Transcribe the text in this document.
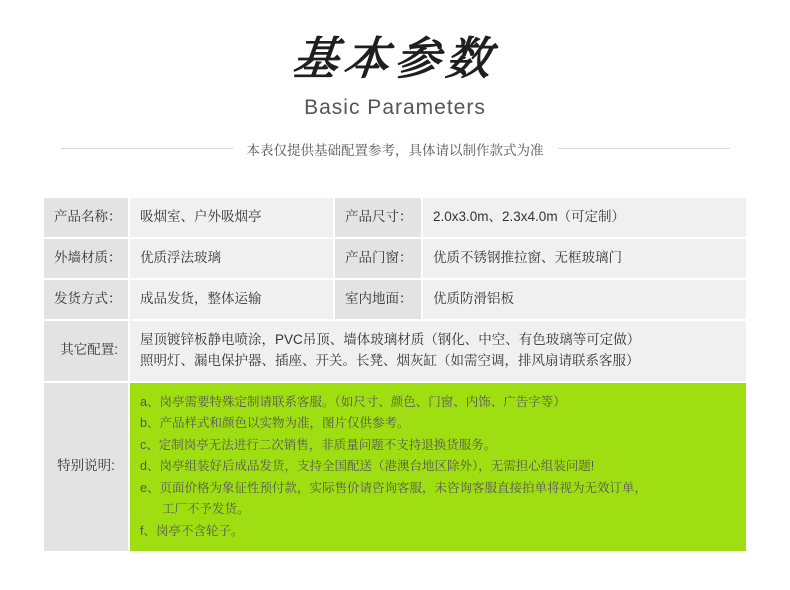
基本参数
Basic Parameters
本表仅提供基础配置参考，具体请以制作款式为准
产品名称：	吸烟室、户外吸烟亭	产品尺寸：	2.0x3.0m、2.3x4.0m（可定制）
外墙材质：	优质浮法玻璃	产品门窗：	优质不锈钢推拉窗、无框玻璃门
发货方式：	成品发货，整体运输	室内地面：	优质防滑铝板
其它配置:	屋顶镀锌板静电喷涂，PVC吊顶、墙体玻璃材质（钢化、中空、有色玻璃等可定做）
照明灯、漏电保护器、插座、开关。长凳、烟灰缸（如需空调，排风扇请联系客服）		

特别说明:	
a、岗亭需要特殊定制请联系客服。（如尺寸、颜色、门窗、内饰、广告字等）
b、产品样式和颜色以实物为准，图片仅供参考。
c、定制岗亭无法进行二次销售，非质量问题不支持退换货服务。
d、岗亭组装好后成品发货，支持全国配送（港澳台地区除外），无需担心组装问题!
e、页面价格为象征性预付款，实际售价请咨询客服，未咨询客服直接拍单将视为无效订单，
工厂不予发货。
f、岗亭不含轮子。
